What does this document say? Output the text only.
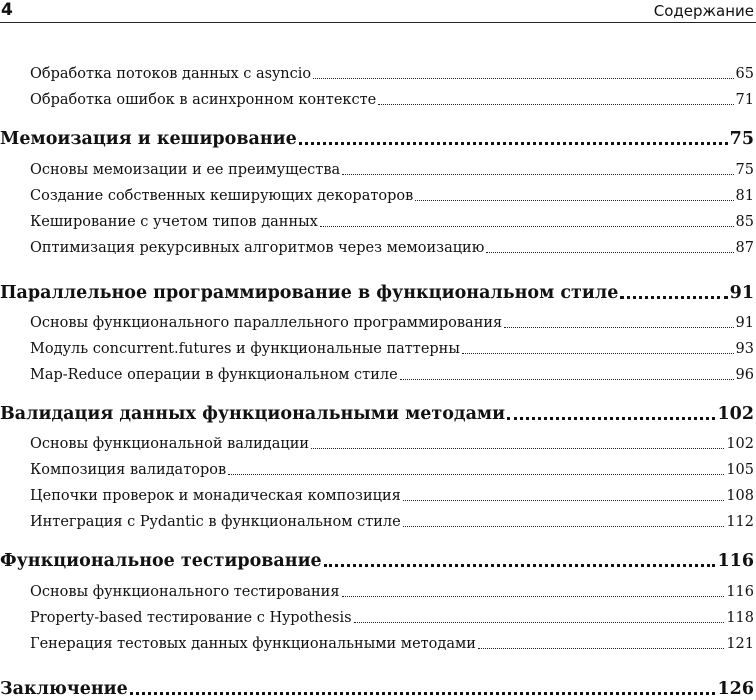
4	Содержание
Обработка потоков данных с asyncio	65
Обработка ошибок в асинхронном контексте	71
Мемоизация и кеширование	75
Основы мемоизации и ее преимущества	75
Создание собственных кеширующих декораторов	81
Кеширование с учетом типов данных	85
Оптимизация рекурсивных алгоритмов через мемоизацию	87
Параллельное программирование в функциональном стиле	91
Основы функционального параллельного программирования	91
Модуль concurrent.futures и функциональные паттерны	93
Map-Reduce операции в функциональном стиле	96
Валидация данных функциональными методами	102
Основы функциональной валидации	102
Композиция валидаторов	105
Цепочки проверок и монадическая композиция	108
Интеграция с Pydantic в функциональном стиле	112
Функциональное тестирование	116
Основы функционального тестирования	116
Property-based тестирование с Hypothesis	118
Генерация тестовых данных функциональными методами	121
Заключение	126
